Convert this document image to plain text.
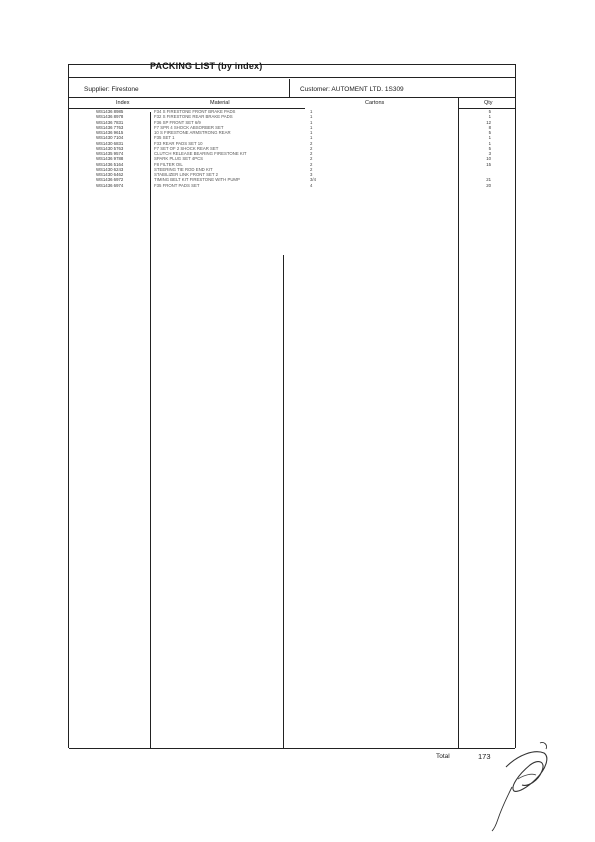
PACKING LIST (by index)
Supplier: Firestone	Customer: AUTOMENT LTD. 1S309
Index	Material	Cartons	Qty
WS1436 8985	F34 S FIRESTONE FRONT BRAKE PADS	1	5
WS1436 8978	F32 S FIRESTONE REAR BRAKE PADS	1	1
WS1436 7831	F36 SP FRONT SET 6/9	1	12
WS1436 7763	F7 SPR 4 SHOCK ABSORBER SET	1	8
WS1436 9615	10 S FIRESTONE ARMSTRONG REAR	1	5
WS1430 7104	F35 SET 1	1	1
WS1430 6831	F33 REAR PADS SET 10	2	1
WS1430 5763	F7 SET OF 2 SHOCK REAR SET	2	5
WS1435 9574	CLUTCH RELEASE BEARING FIRESTONE KIT	2	3
WS1436 9788	SPARK PLUG SET 4PCS	2	10
WS1436 5164	F8 FILTER OIL	2	15
WS1430 6243	STEERING TIE ROD END KIT	2
WS1430 6462	STABILIZER LINK FRONT SET 2	3
WS1436 6972	TIMING BELT KIT FIRESTONE WITH PUMP	3/4	21
WS1436 6974	F35 FRONT PADS SET	4	20
Total	173
